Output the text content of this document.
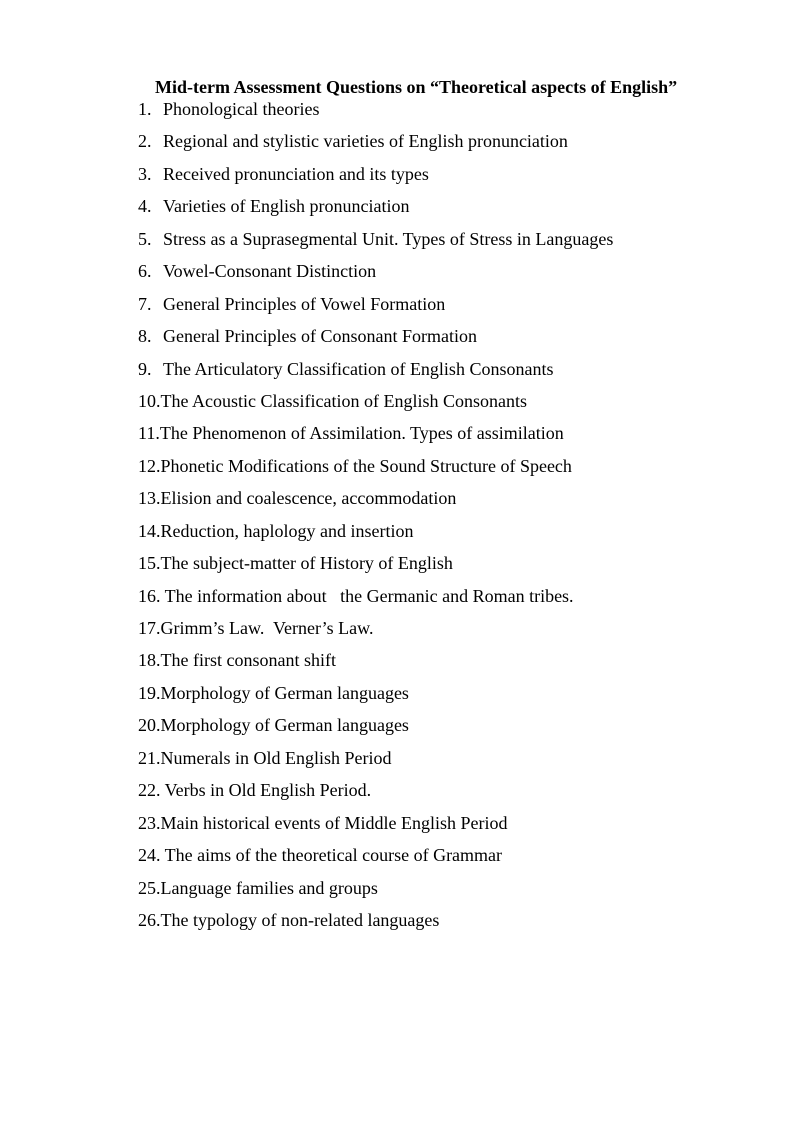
Mid-term Assessment Questions on “Theoretical aspects of English”
1. Phonological theories
2. Regional and stylistic varieties of English pronunciation
3. Received pronunciation and its types
4. Varieties of English pronunciation
5. Stress as a Suprasegmental Unit. Types of Stress in Languages
6. Vowel-Consonant Distinction
7. General Principles of Vowel Formation
8. General Principles of Consonant Formation
9. The Articulatory Classification of English Consonants
10. The Acoustic Classification of English Consonants
11. The Phenomenon of Assimilation. Types of assimilation
12. Phonetic Modifications of the Sound Structure of Speech
13. Elision and coalescence, accommodation
14. Reduction, haplology and insertion
15. The subject-matter of History of English
16. The information about   the Germanic and Roman tribes.
17. Grimm’s Law.  Verner’s Law.
18. The first consonant shift
19. Morphology of German languages
20. Morphology of German languages
21. Numerals in Old English Period
22. Verbs in Old English Period.
23. Main historical events of Middle English Period
24. The aims of the theoretical course of Grammar
25. Language families and groups
26. The typology of non-related languages
